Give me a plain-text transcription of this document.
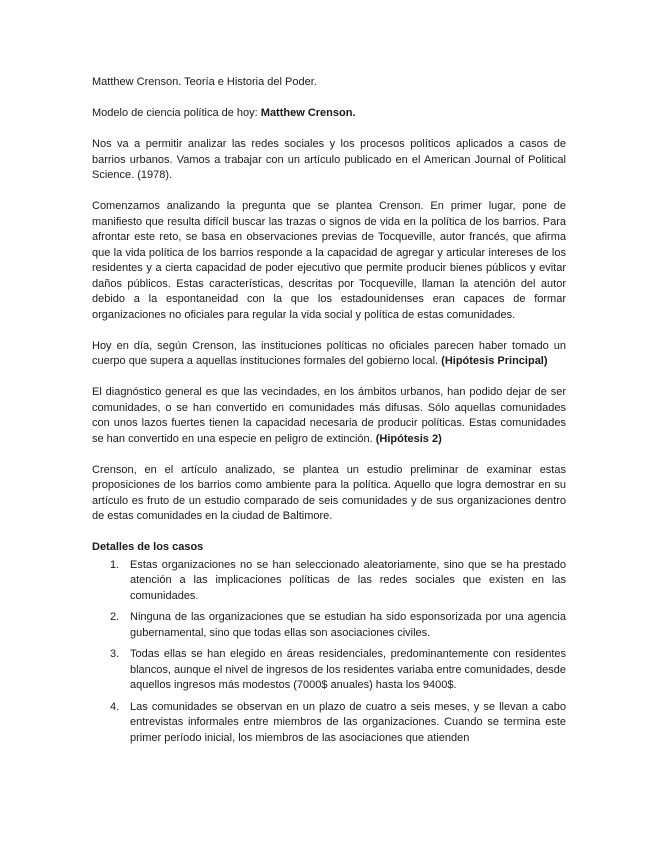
Matthew Crenson. Teoría e Historia del Poder.

Modelo de ciencia política de hoy: Matthew Crenson.

Nos va a permitir analizar las redes sociales y los procesos políticos aplicados a casos de barrios urbanos. Vamos a trabajar con un artículo publicado en el American Journal of Political Science. (1978).

Comenzamos analizando la pregunta que se plantea Crenson. En primer lugar, pone de manifiesto que resulta difícil buscar las trazas o signos de vida en la política de los barrios. Para afrontar este reto, se basa en observaciones previas de Tocqueville, autor francés, que afirma que la vida política de los barrios responde a la capacidad de agregar y articular intereses de los residentes y a cierta capacidad de poder ejecutivo que permite producir bienes públicos y evitar daños públicos. Estas características, descritas por Tocqueville, llaman la atención del autor debido a la espontaneidad con la que los estadounidenses eran capaces de formar organizaciones no oficiales para regular la vida social y política de estas comunidades.

Hoy en día, según Crenson, las instituciones políticas no oficiales parecen haber tomado un cuerpo que supera a aquellas instituciones formales del gobierno local. (Hipótesis Principal)

El diagnóstico general es que las vecindades, en los ámbitos urbanos, han podido dejar de ser comunidades, o se han convertido en comunidades más difusas. Sólo aquellas comunidades con unos lazos fuertes tienen la capacidad necesaria de producir políticas. Estas comunidades se han convertido en una especie en peligro de extinción. (Hipótesis 2)

Crenson, en el artículo analizado, se plantea un estudio preliminar de examinar estas proposiciones de los barrios como ambiente para la política. Aquello que logra demostrar en su artículo es fruto de un estudio comparado de seis comunidades y de sus organizaciones dentro de estas comunidades en la ciudad de Baltimore.

Detalles de los casos
1. Estas organizaciones no se han seleccionado aleatoriamente, sino que se ha prestado atención a las implicaciones políticas de las redes sociales que existen en las comunidades.
2. Ninguna de las organizaciones que se estudian ha sido esponsorizada por una agencia gubernamental, sino que todas ellas son asociaciones civiles.
3. Todas ellas se han elegido en áreas residenciales, predominantemente con residentes blancos, aunque el nivel de ingresos de los residentes variaba entre comunidades, desde aquellos ingresos más modestos (7000$ anuales) hasta los 9400$.
4. Las comunidades se observan en un plazo de cuatro a seis meses, y se llevan a cabo entrevistas informales entre miembros de las organizaciones. Cuando se termina este primer período inicial, los miembros de las asociaciones que atienden
